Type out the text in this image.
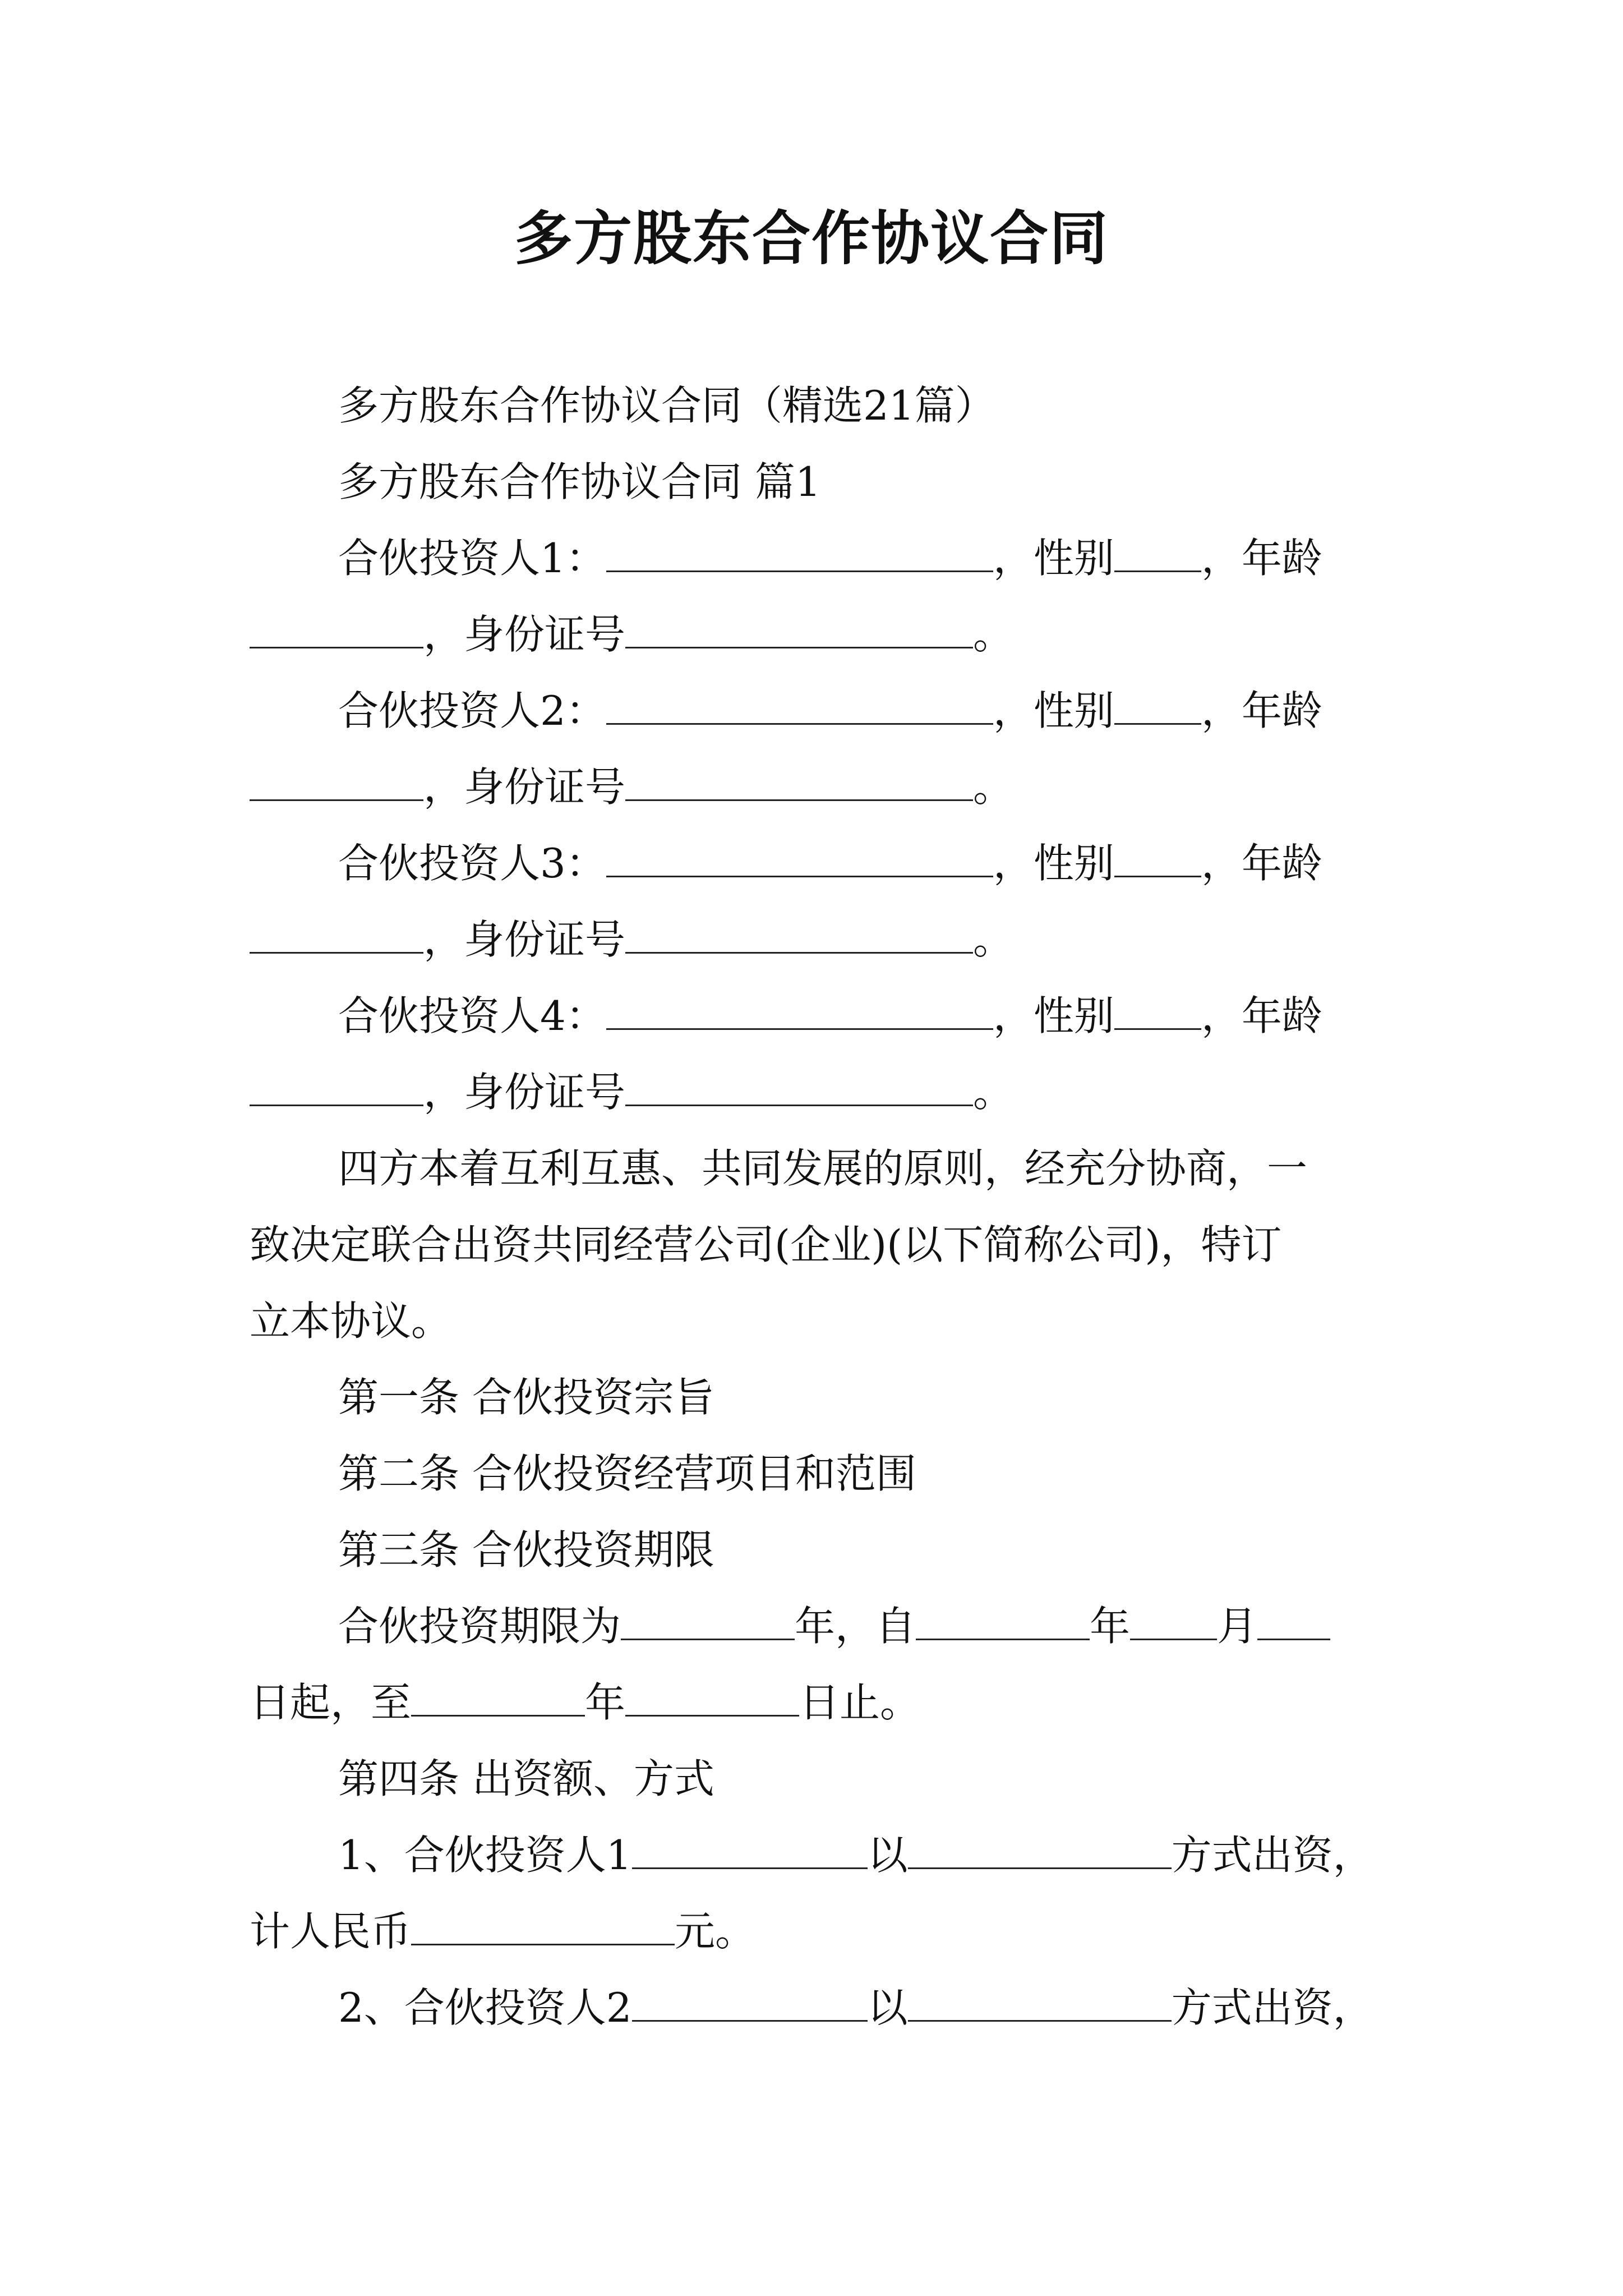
多方股东合作协议合同

多方股东合作协议合同（精选21篇）

多方股东合作协议合同 篇1

合伙投资人1：	，性别 ，年龄

，身份证号	。

合伙投资人2：	，性别 ，年龄

，身份证号	。

合伙投资人3：	，性别 ，年龄

，身份证号	。

合伙投资人4：	，性别 ，年龄

，身份证号	。

四方本着互利互惠、共同发展的原则，经充分协商，一

致决定联合出资共同经营公司(企业)(以下简称公司)，特订

立本协议。

第一条 合伙投资宗旨

第二条 合伙投资经营项目和范围

第三条 合伙投资期限

合伙投资期限为	年，自	年 月

日起，至	年	日止。

第四条 出资额、方式

1、合伙投资人1	以	方式出资，

计人民币	元。

2、合伙投资人2	以	方式出资，
